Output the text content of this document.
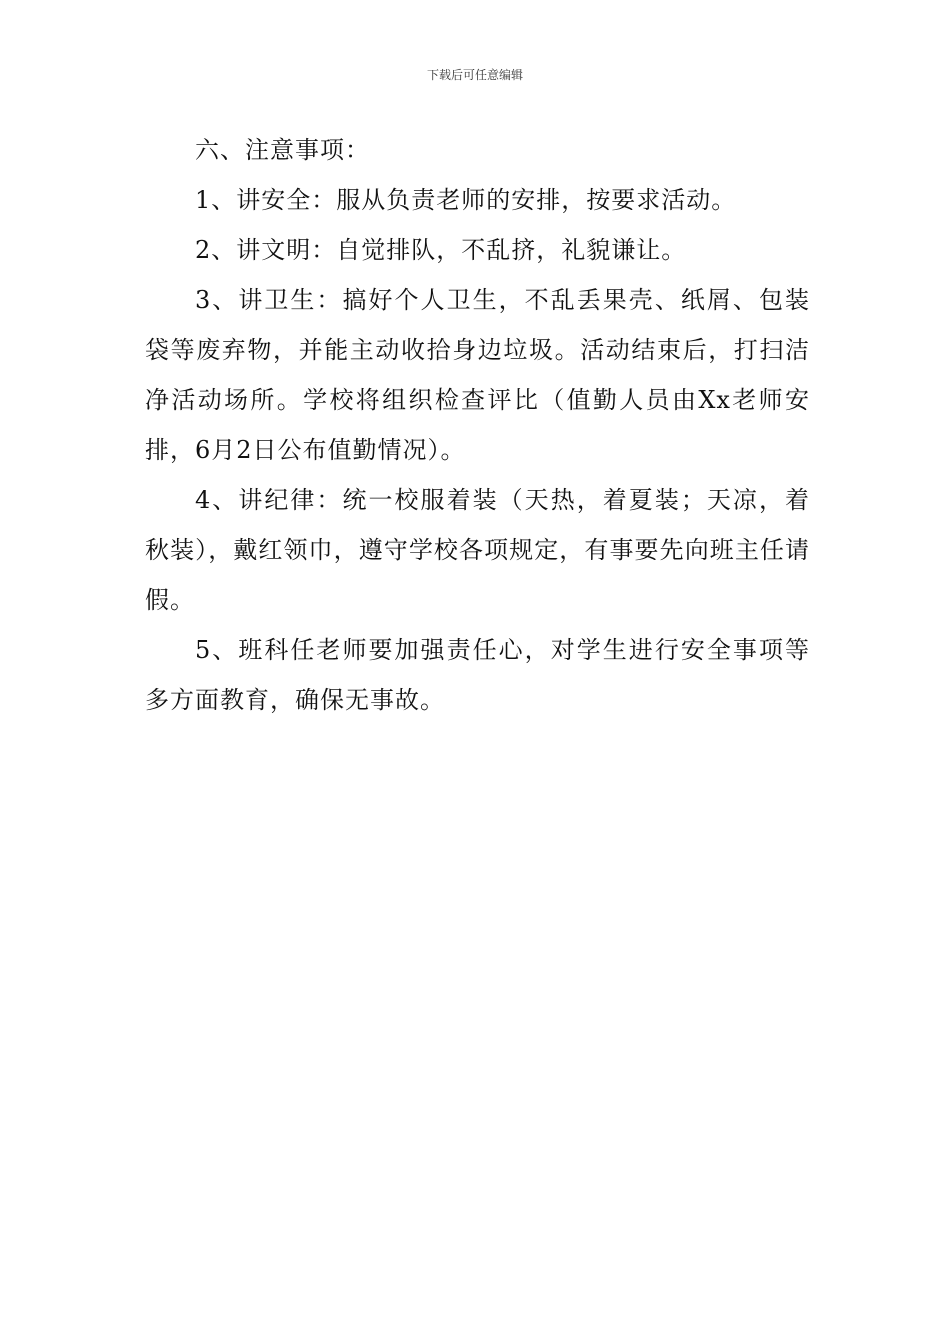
下载后可任意编辑

六、注意事项：

1、讲安全：服从负责老师的安排，按要求活动。

2、讲文明：自觉排队，不乱挤，礼貌谦让。

3、讲卫生：搞好个人卫生，不乱丢果壳、纸屑、包装袋等废弃物，并能主动收拾身边垃圾。活动结束后，打扫洁净活动场所。学校将组织检查评比（值勤人员由Xx老师安排，6月2日公布值勤情况）。

4、讲纪律：统一校服着装（天热，着夏装；天凉，着秋装），戴红领巾，遵守学校各项规定，有事要先向班主任请假。

5、班科任老师要加强责任心，对学生进行安全事项等多方面教育，确保无事故。
